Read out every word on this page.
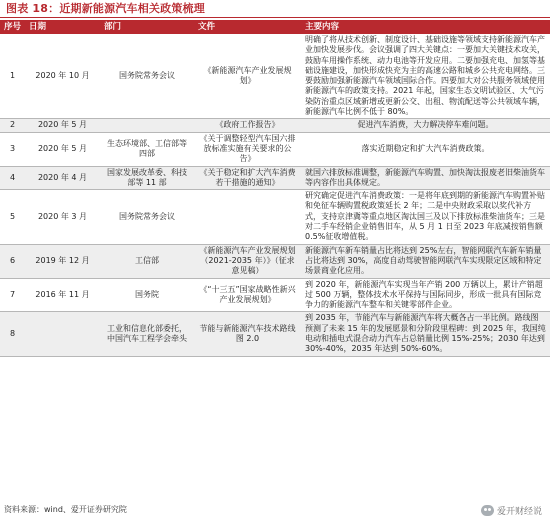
图表 18：近期新能源汽车相关政策梳理
序号	日期	部门	文件	主要内容
1	2020 年 10 月	国务院常务会议	《新能源汽车产业发展规划》	明确了将从技术创新、制度设计、基础设施等领域支持新能源汽车产业加快发展步伐。会议强调了四大关键点：一要加大关键技术攻关，鼓励车用操作系统、动力电池等开发应用。二要加强充电、加氢等基础设施建设，加快形成快充为主的高速公路和城乡公共充电网络。三要鼓励加强新能源汽车领域国际合作。四要加大对公共服务领域使用新能源汽车的政策支持。2021 年起，国家生态文明试验区、大气污染防治重点区域新增或更新公交、出租、物流配送等公共领域车辆，新能源汽车比例不低于 80%。
2	2020 年 5 月		《政府工作报告》	促进汽车消费，大力解决停车难问题。
3	2020 年 5 月	生态环境部、工信部等四部	《关于调整轻型汽车国六排放标准实施有关要求的公告》	落实近期稳定和扩大汽车消费政策。
4	2020 年 4 月	国家发展改革委、科技部等 11 部	《关于稳定和扩大汽车消费若干措施的通知》	就国六排放标准调整，新能源汽车购置、加快淘汰报废老旧柴油货车等内容作出具体规定。
5	2020 年 3 月	国务院常务会议		研究确定促进汽车消费政策：一是将年底到期的新能源汽车购置补贴和免征车辆购置税政策延长 2 年；二是中央财政采取以奖代补方式，支持京津冀等重点地区淘汰国三及以下排放标准柴油货车；三是对二手车经销企业销售旧车，从 5 月 1 日至 2023 年底减按销售额 0.5%征收增值税。
6	2019 年 12 月	工信部	《新能源汽车产业发展规划（2021-2035 年）》（征求意见稿）	新能源汽车新车销量占比将达到 25%左右，智能网联汽车新车销量占比将达到 30%，高度自动驾驶智能网联汽车实现限定区域和特定场景商业化应用。
7	2016 年 11 月	国务院	《“十三五”国家战略性新兴产业发展规划》	到 2020 年，新能源汽车实现当年产销 200 万辆以上，累计产销超过 500 万辆，整体技术水平保持与国际同步，形成一批具有国际竞争力的新能源汽车整车和关键零部件企业。
8		工业和信息化部委托，中国汽车工程学会牵头	节能与新能源汽车技术路线图 2.0	到 2035 年，节能汽车与新能源汽车将大概各占一半比例。路线图预测了未来 15 年的发展愿景和分阶段里程碑：到 2025 年，我国纯电动和插电式混合动力汽车占总销量比例 15%-25%；2030 年达到 30%-40%，2035 年达到 50%-60%。
资料来源：wind、爱开证券研究院	爱开财经说
